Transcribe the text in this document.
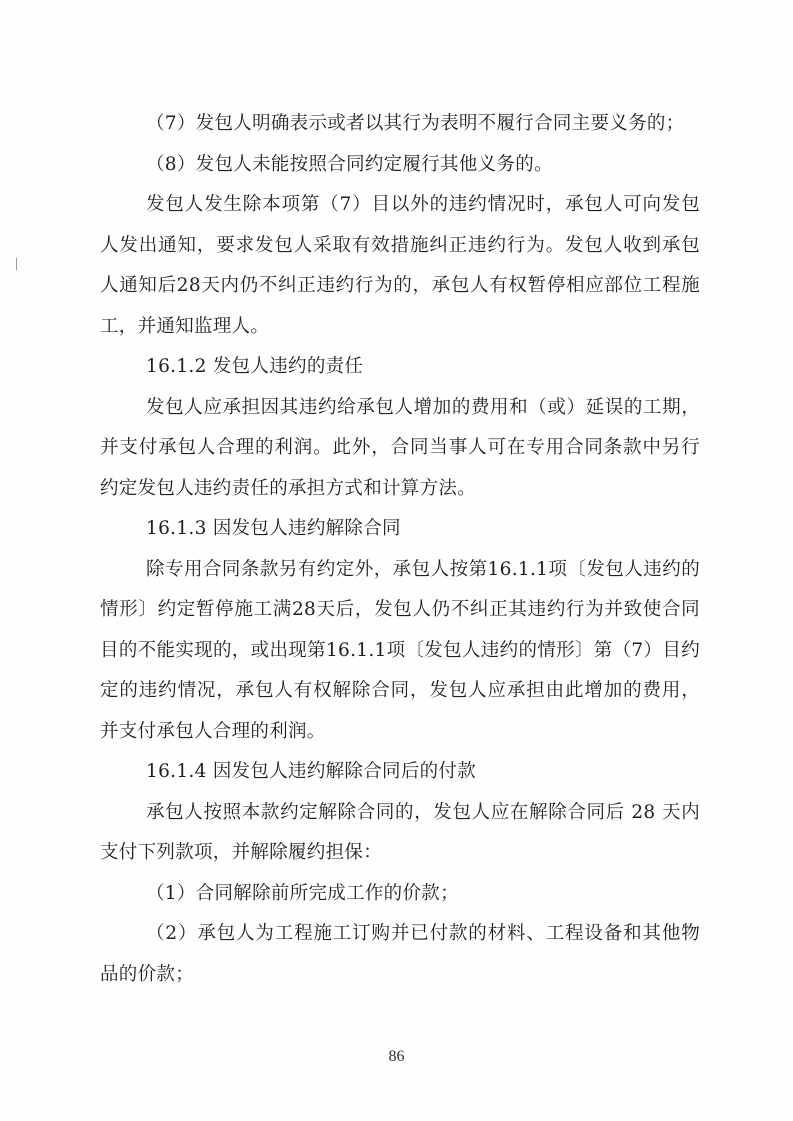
（7）发包人明确表示或者以其行为表明不履行合同主要义务的；

（8）发包人未能按照合同约定履行其他义务的。

发包人发生除本项第（7）目以外的违约情况时，承包人可向发包人发出通知，要求发包人采取有效措施纠正违约行为。发包人收到承包人通知后28天内仍不纠正违约行为的，承包人有权暂停相应部位工程施工，并通知监理人。

16.1.2 发包人违约的责任

发包人应承担因其违约给承包人增加的费用和（或）延误的工期，并支付承包人合理的利润。此外，合同当事人可在专用合同条款中另行约定发包人违约责任的承担方式和计算方法。

16.1.3 因发包人违约解除合同

除专用合同条款另有约定外，承包人按第16.1.1项〔发包人违约的情形〕约定暂停施工满28天后，发包人仍不纠正其违约行为并致使合同目的不能实现的，或出现第16.1.1项〔发包人违约的情形〕第（7）目约定的违约情况，承包人有权解除合同，发包人应承担由此增加的费用，并支付承包人合理的利润。

16.1.4 因发包人违约解除合同后的付款

承包人按照本款约定解除合同的，发包人应在解除合同后 28 天内支付下列款项，并解除履约担保：

（1）合同解除前所完成工作的价款；

（2）承包人为工程施工订购并已付款的材料、工程设备和其他物品的价款；

86
